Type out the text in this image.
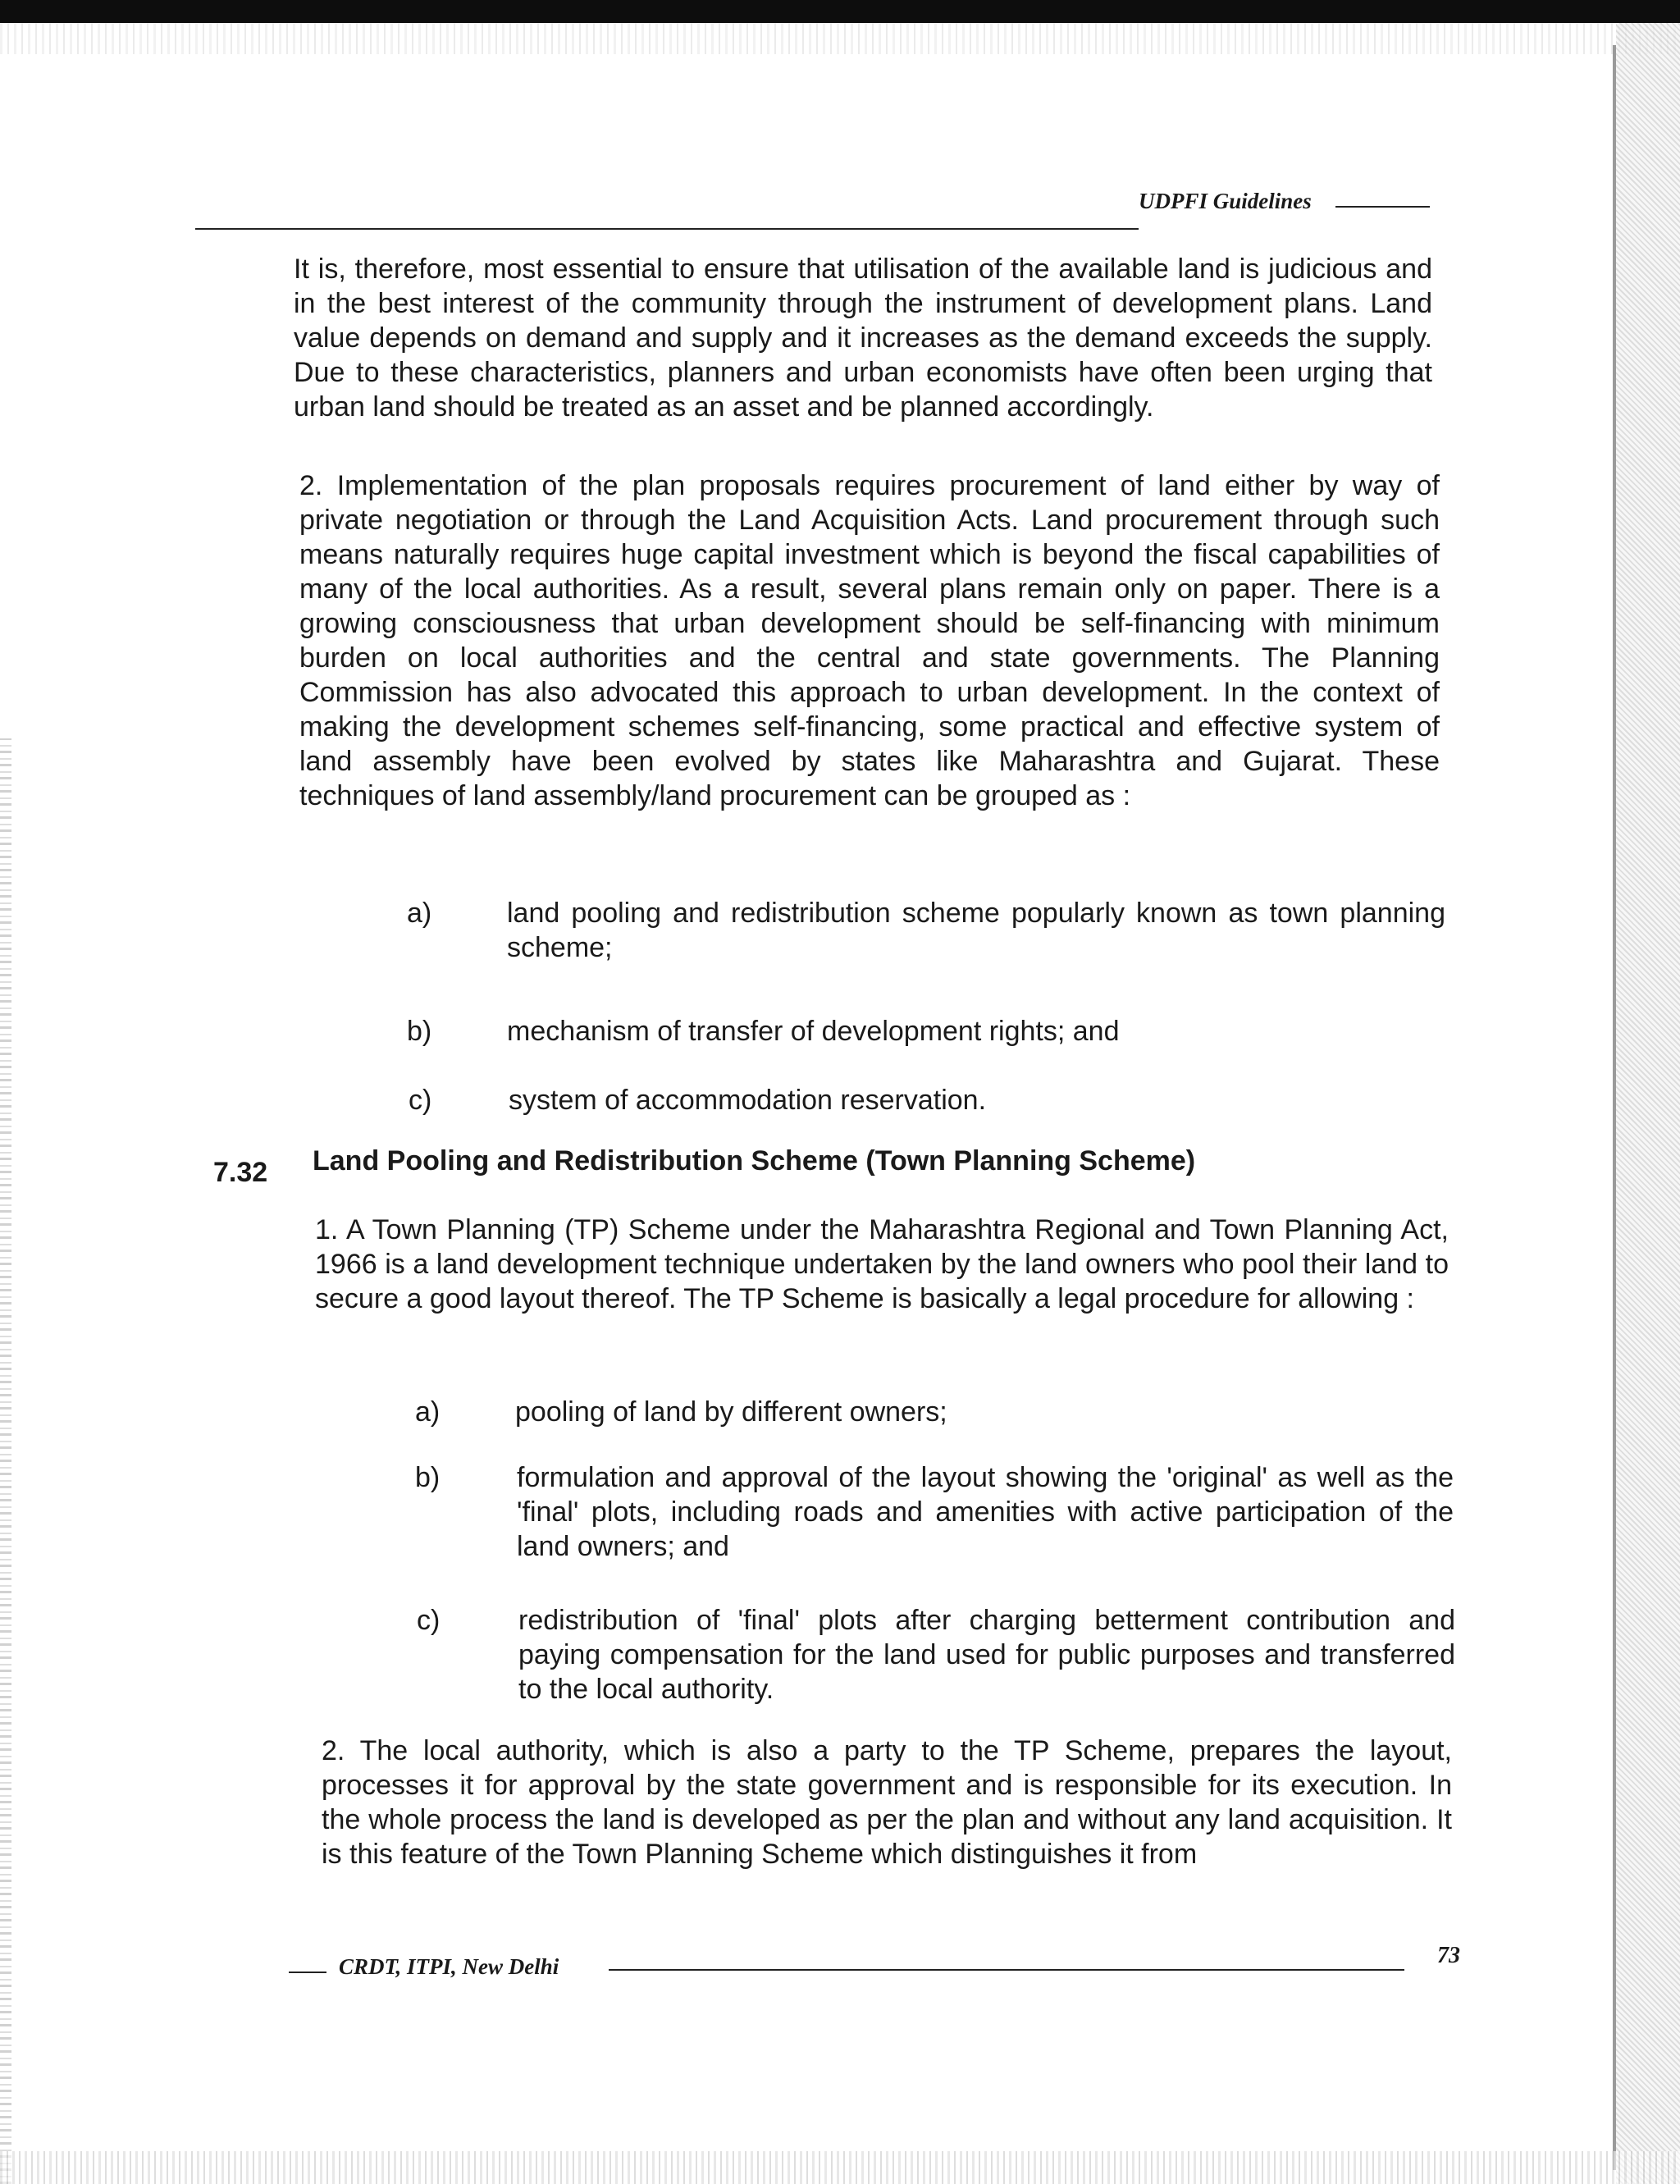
UDPFI Guidelines
It is, therefore, most essential to ensure that utilisation of the available land is judicious and in the best interest of the community through the instrument of development plans. Land value depends on demand and supply and it increases as the demand exceeds the supply. Due to these characteristics, planners and urban economists have often been urging that urban land should be treated as an asset and be planned accordingly.
2. Implementation of the plan proposals requires procurement of land either by way of private negotiation or through the Land Acquisition Acts. Land procurement through such means naturally requires huge capital investment which is beyond the fiscal capabilities of many of the local authorities. As a result, several plans remain only on paper. There is a growing consciousness that urban development should be self-financing with minimum burden on local authorities and the central and state governments. The Planning Commission has also advocated this approach to urban development. In the context of making the development schemes self-financing, some practical and effective system of land assembly have been evolved by states like Maharashtra and Gujarat. These techniques of land assembly/land procurement can be grouped as :
a)	land pooling and redistribution scheme popularly known as town planning scheme;
b)	mechanism of transfer of development rights; and
c)	system of accommodation reservation.
7.32 Land Pooling and Redistribution Scheme (Town Planning Scheme)
1. A Town Planning (TP) Scheme under the Maharashtra Regional and Town Planning Act, 1966 is a land development technique undertaken by the land owners who pool their land to secure a good layout thereof. The TP Scheme is basically a legal procedure for allowing :
a)	pooling of land by different owners;
b)	formulation and approval of the layout showing the 'original' as well as the 'final' plots, including roads and amenities with active participation of the land owners; and
c)	redistribution of 'final' plots after charging betterment contribution and paying compensation for the land used for public purposes and transferred to the local authority.
2. The local authority, which is also a party to the TP Scheme, prepares the layout, processes it for approval by the state government and is responsible for its execution. In the whole process the land is developed as per the plan and without any land acquisition. It is this feature of the Town Planning Scheme which distinguishes it from
CRDT, ITPI, New Delhi	73
